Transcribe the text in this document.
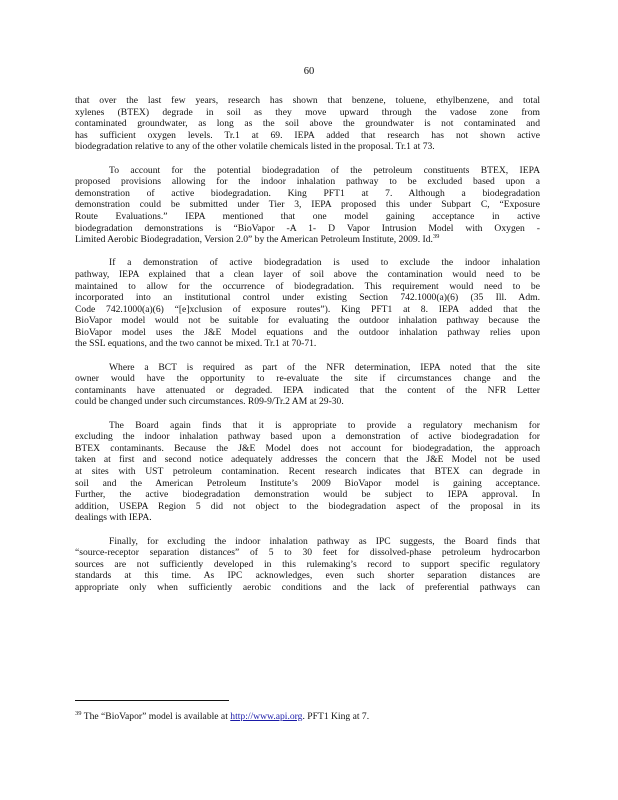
60

that over the last few years, research has shown that benzene, toluene, ethylbenzene, and total
xylenes (BTEX) degrade in soil as they move upward through the vadose zone from
contaminated groundwater, as long as the soil above the groundwater is not contaminated and
has sufficient oxygen levels. Tr.1 at 69. IEPA added that research has not shown active
biodegradation relative to any of the other volatile chemicals listed in the proposal. Tr.1 at 73.

To account for the potential biodegradation of the petroleum constituents BTEX, IEPA
proposed provisions allowing for the indoor inhalation pathway to be excluded based upon a
demonstration of active biodegradation. King PFT1 at 7. Although a biodegradation
demonstration could be submitted under Tier 3, IEPA proposed this under Subpart C, “Exposure
Route Evaluations.” IEPA mentioned that one model gaining acceptance in active
biodegradation demonstrations is “BioVapor -A 1- D Vapor Intrusion Model with Oxygen -
Limited Aerobic Biodegradation, Version 2.0” by the American Petroleum Institute, 2009. Id.$^{39}$

If a demonstration of active biodegradation is used to exclude the indoor inhalation
pathway, IEPA explained that a clean layer of soil above the contamination would need to be
maintained to allow for the occurrence of biodegradation. This requirement would need to be
incorporated into an institutional control under existing Section 742.1000(a)(6) (35 Ill. Adm.
Code 742.1000(a)(6) “[e]xclusion of exposure routes”). King PFT1 at 8. IEPA added that the
BioVapor model would not be suitable for evaluating the outdoor inhalation pathway because the
BioVapor model uses the J&E Model equations and the outdoor inhalation pathway relies upon
the SSL equations, and the two cannot be mixed. Tr.1 at 70-71.

Where a BCT is required as part of the NFR determination, IEPA noted that the site
owner would have the opportunity to re-evaluate the site if circumstances change and the
contaminants have attenuated or degraded. IEPA indicated that the content of the NFR Letter
could be changed under such circumstances. R09-9/Tr.2 AM at 29-30.

The Board again finds that it is appropriate to provide a regulatory mechanism for
excluding the indoor inhalation pathway based upon a demonstration of active biodegradation for
BTEX contaminants. Because the J&E Model does not account for biodegradation, the approach
taken at first and second notice adequately addresses the concern that the J&E Model not be used
at sites with UST petroleum contamination. Recent research indicates that BTEX can degrade in
soil and the American Petroleum Institute’s 2009 BioVapor model is gaining acceptance.
Further, the active biodegradation demonstration would be subject to IEPA approval. In
addition, USEPA Region 5 did not object to the biodegradation aspect of the proposal in its
dealings with IEPA.

Finally, for excluding the indoor inhalation pathway as IPC suggests, the Board finds that
“source-receptor separation distances” of 5 to 30 feet for dissolved-phase petroleum hydrocarbon
sources are not sufficiently developed in this rulemaking’s record to support specific regulatory
standards at this time. As IPC acknowledges, even such shorter separation distances are
appropriate only when sufficiently aerobic conditions and the lack of preferential pathways can

$^{39}$ The “BioVapor” model is available at http://www.api.org. PFT1 King at 7.
